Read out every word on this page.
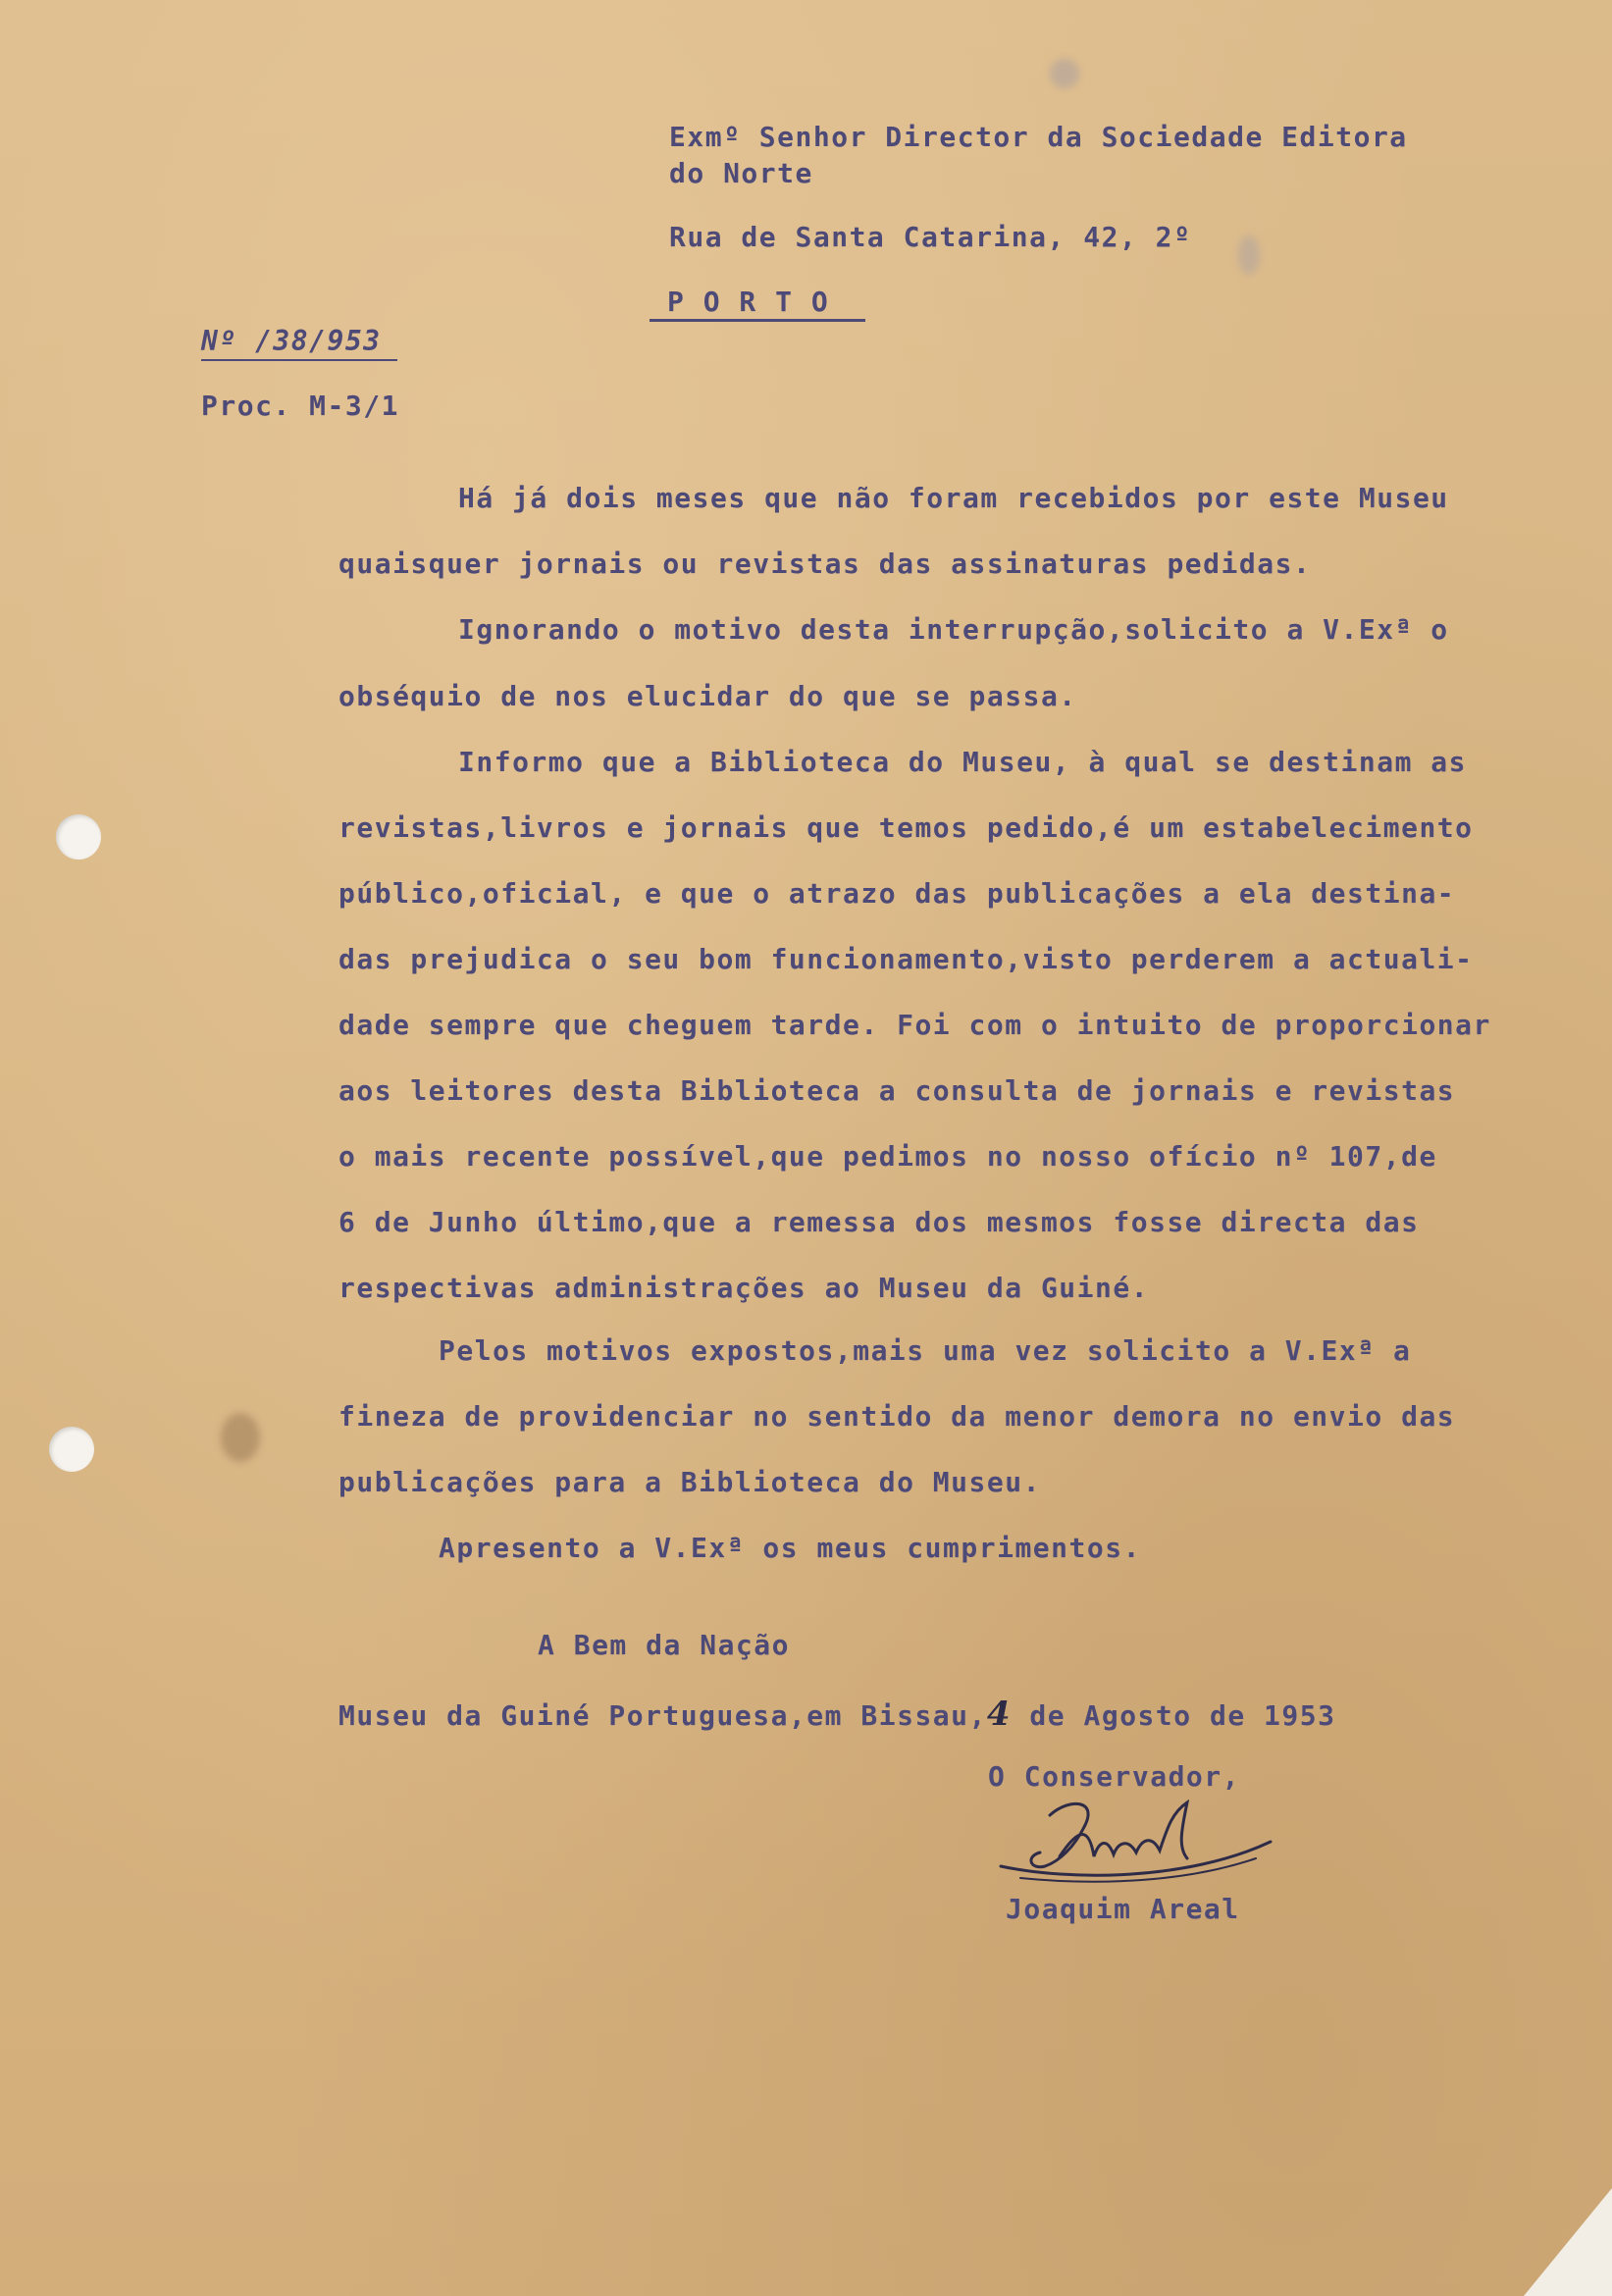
Exmº Senhor Director da Sociedade Editora
do Norte
Rua de Santa Catarina, 42, 2º
P O R T O
Nº /38/953
Proc. M-3/1
Há já dois meses que não foram recebidos por este Museu
quaisquer jornais ou revistas das assinaturas pedidas.
Ignorando o motivo desta interrupção,solicito a V.Exª o
obséquio de nos elucidar do que se passa.
Informo que a Biblioteca do Museu, à qual se destinam as
revistas,livros e jornais que temos pedido,é um estabelecimento
público,oficial, e que o atrazo das publicações a ela destina-
das prejudica o seu bom funcionamento,visto perderem a actuali-
dade sempre que cheguem tarde. Foi com o intuito de proporcionar
aos leitores desta Biblioteca a consulta de jornais e revistas
o mais recente possível,que pedimos no nosso ofício nº 107,de
6 de Junho último,que a remessa dos mesmos fosse directa das
respectivas administrações ao Museu da Guiné.
Pelos motivos expostos,mais uma vez solicito a V.Exª a
fineza de providenciar no sentido da menor demora no envio das
publicações para a Biblioteca do Museu.
Apresento a V.Exª os meus cumprimentos.
A Bem da Nação
Museu da Guiné Portuguesa,em Bissau,4 de Agosto de 1953
O Conservador,
Joaquim Areal
